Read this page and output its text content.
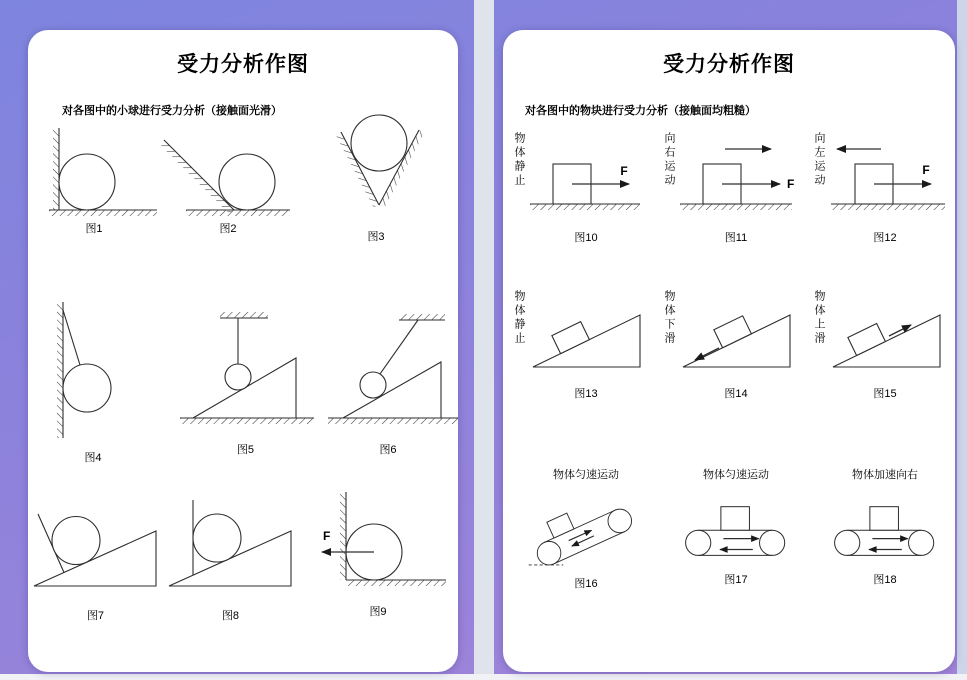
受力分析作图
对各图中的小球进行受力分析（接触面光滑）
图1	图2
图3
图4
图5	图6
图7	图8
F
图9
受力分析作图
对各图中的物块进行受力分析（接触面均粗糙）
物体静止	F
图10
向右运动	F
图11
向左运动	F
图12
物体静止
图13
物体下滑
图14
物体上滑
图15
物体匀速运动
图16
物体匀速运动
图17
物体加速向右
图18
